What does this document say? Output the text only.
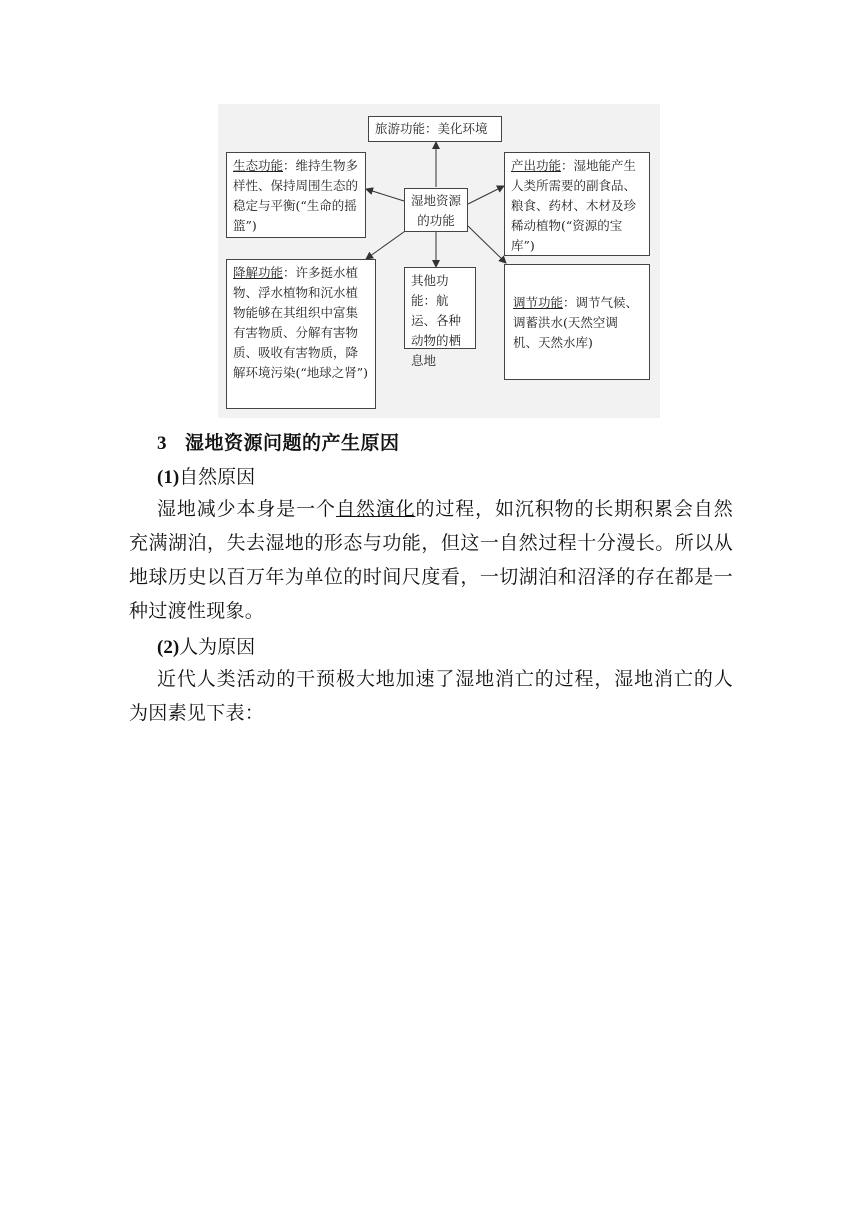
旅游功能：美化环境
生态功能：维持生物多样性、保持周围生态的稳定与平衡(“生命的摇篮”)
湿地资源的功能
产出功能：湿地能产生人类所需要的副食品、粮食、药材、木材及珍稀动植物(“资源的宝库”)
降解功能：许多挺水植物、浮水植物和沉水植物能够在其组织中富集有害物质、分解有害物质、吸收有害物质，降解环境污染(“地球之肾”)
其他功能：航运、各种动物的栖息地
调节功能：调节气候、调蓄洪水(天然空调机、天然水库)
3 湿地资源问题的产生原因
(1)自然原因
湿地减少本身是一个自然演化的过程，如沉积物的长期积累会自然充满湖泊，失去湿地的形态与功能，但这一自然过程十分漫长。所以从地球历史以百万年为单位的时间尺度看，一切湖泊和沼泽的存在都是一种过渡性现象。
(2)人为原因
近代人类活动的干预极大地加速了湿地消亡的过程，湿地消亡的人为因素见下表：
